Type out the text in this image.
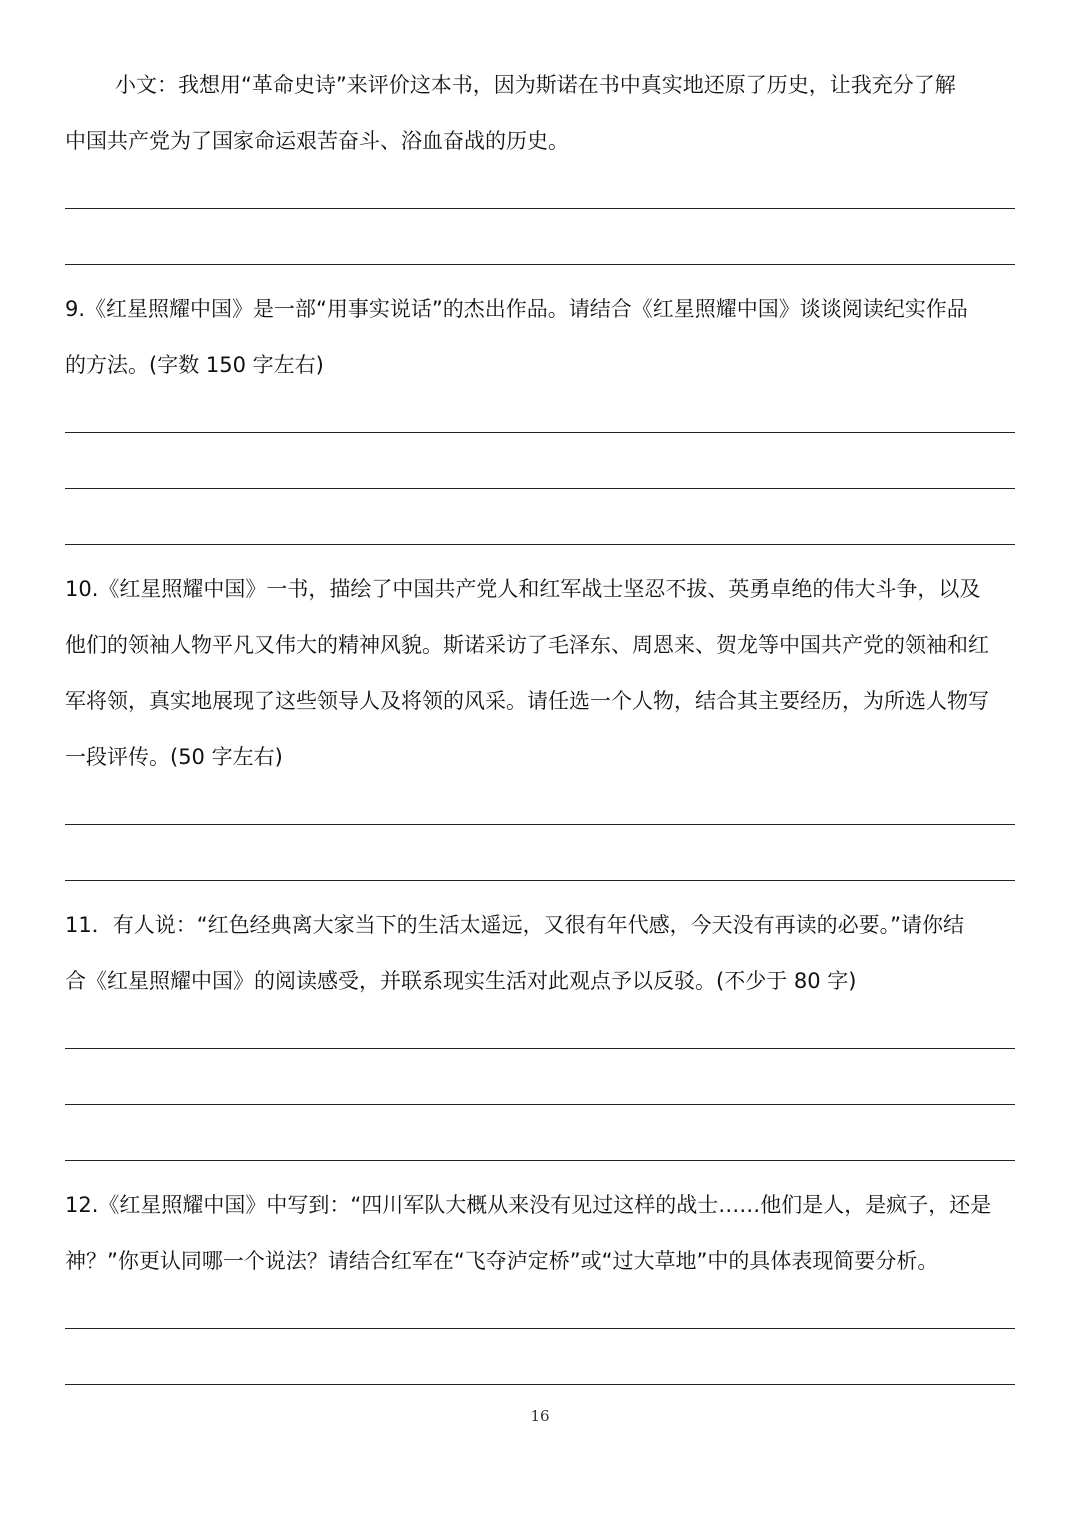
小文：我想用“革命史诗”来评价这本书，因为斯诺在书中真实地还原了历史，让我充分了解
中国共产党为了国家命运艰苦奋斗、浴血奋战的历史。
9.《红星照耀中国》是一部“用事实说话”的杰出作品。请结合《红星照耀中国》谈谈阅读纪实作品
的方法。(字数 150 字左右)
10.《红星照耀中国》一书，描绘了中国共产党人和红军战士坚忍不拔、英勇卓绝的伟大斗争，以及
他们的领袖人物平凡又伟大的精神风貌。斯诺采访了毛泽东、周恩来、贺龙等中国共产党的领袖和红
军将领，真实地展现了这些领导人及将领的风采。请任选一个人物，结合其主要经历，为所选人物写
一段评传。(50 字左右)
11．有人说：“红色经典离大家当下的生活太遥远，又很有年代感，今天没有再读的必要。”请你结
合《红星照耀中国》的阅读感受，并联系现实生活对此观点予以反驳。(不少于 80 字)
12.《红星照耀中国》中写到：“四川军队大概从来没有见过这样的战士……他们是人，是疯子，还是
神？”你更认同哪一个说法？请结合红军在“飞夺泸定桥”或“过大草地”中的具体表现简要分析。
16
